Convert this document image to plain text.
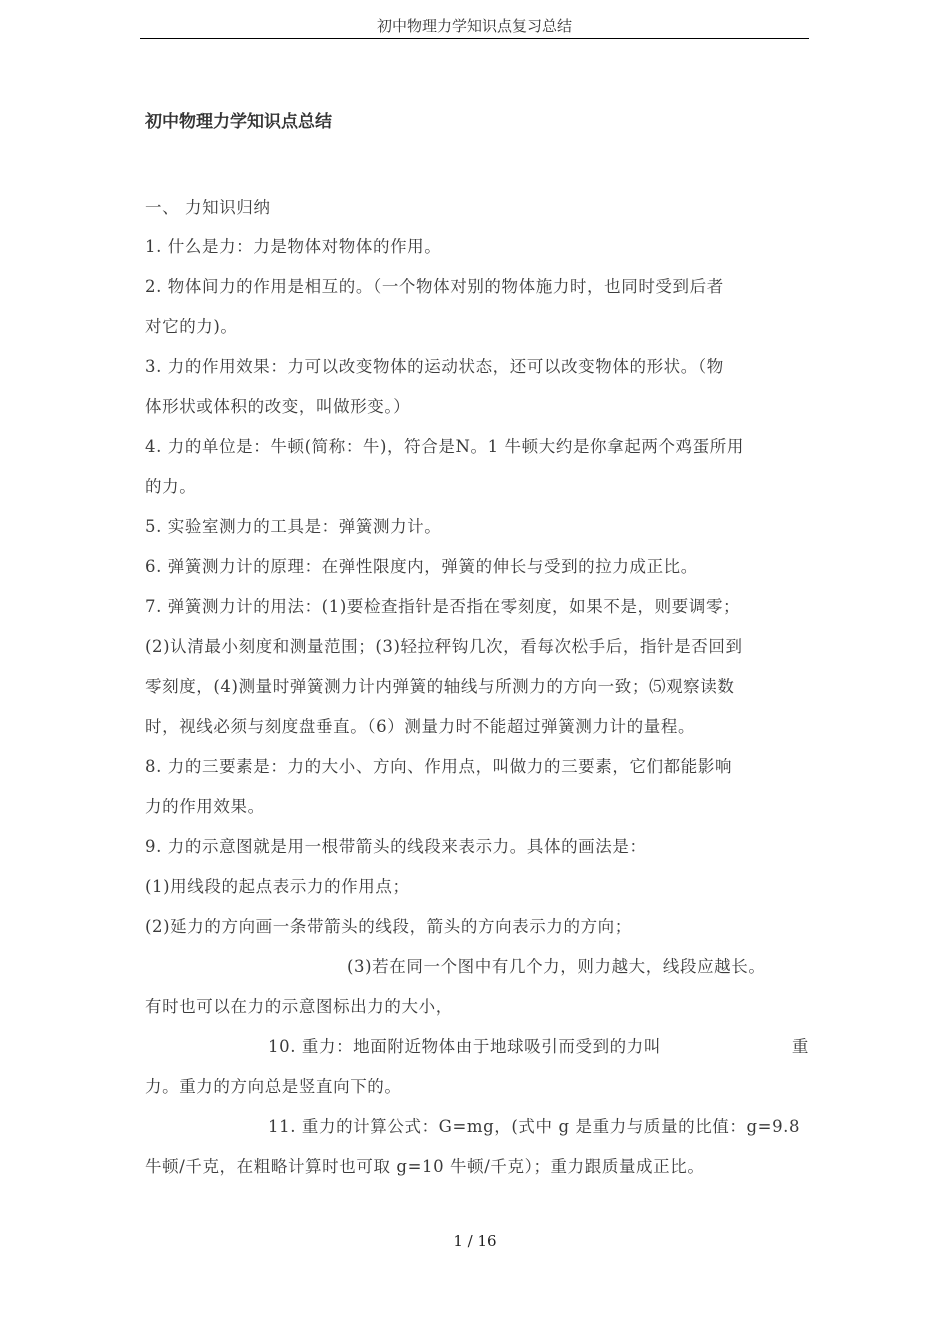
初中物理力学知识点复习总结
初中物理力学知识点总结
一、 力知识归纳
1. 什么是力：力是物体对物体的作用。
2. 物体间力的作用是相互的。（一个物体对别的物体施力时，也同时受到后者
对它的力)。
3. 力的作用效果：力可以改变物体的运动状态，还可以改变物体的形状。（物
体形状或体积的改变，叫做形变。）
4. 力的单位是：牛顿(简称：牛)，符合是N。1 牛顿大约是你拿起两个鸡蛋所用
的力。
5. 实验室测力的工具是：弹簧测力计。
6. 弹簧测力计的原理：在弹性限度内，弹簧的伸长与受到的拉力成正比。
7. 弹簧测力计的用法：(1)要检查指针是否指在零刻度，如果不是，则要调零；
(2)认清最小刻度和测量范围；(3)轻拉秤钩几次，看每次松手后，指针是否回到
零刻度，(4)测量时弹簧测力计内弹簧的轴线与所测力的方向一致；⑸观察读数
时，视线必须与刻度盘垂直。（6）测量力时不能超过弹簧测力计的量程。
8. 力的三要素是：力的大小、方向、作用点，叫做力的三要素，它们都能影响
力的作用效果。
9. 力的示意图就是用一根带箭头的线段来表示力。具体的画法是：
(1)用线段的起点表示力的作用点；
(2)延力的方向画一条带箭头的线段，箭头的方向表示力的方向；
(3)若在同一个图中有几个力，则力越大，线段应越长。
有时也可以在力的示意图标出力的大小，
10. 重力：地面附近物体由于地球吸引而受到的力叫	重
力。重力的方向总是竖直向下的。
11. 重力的计算公式：G=mg，(式中 g 是重力与质量的比值：g=9.8
牛顿/千克，在粗略计算时也可取 g=10 牛顿/千克）；重力跟质量成正比。
1 / 16
